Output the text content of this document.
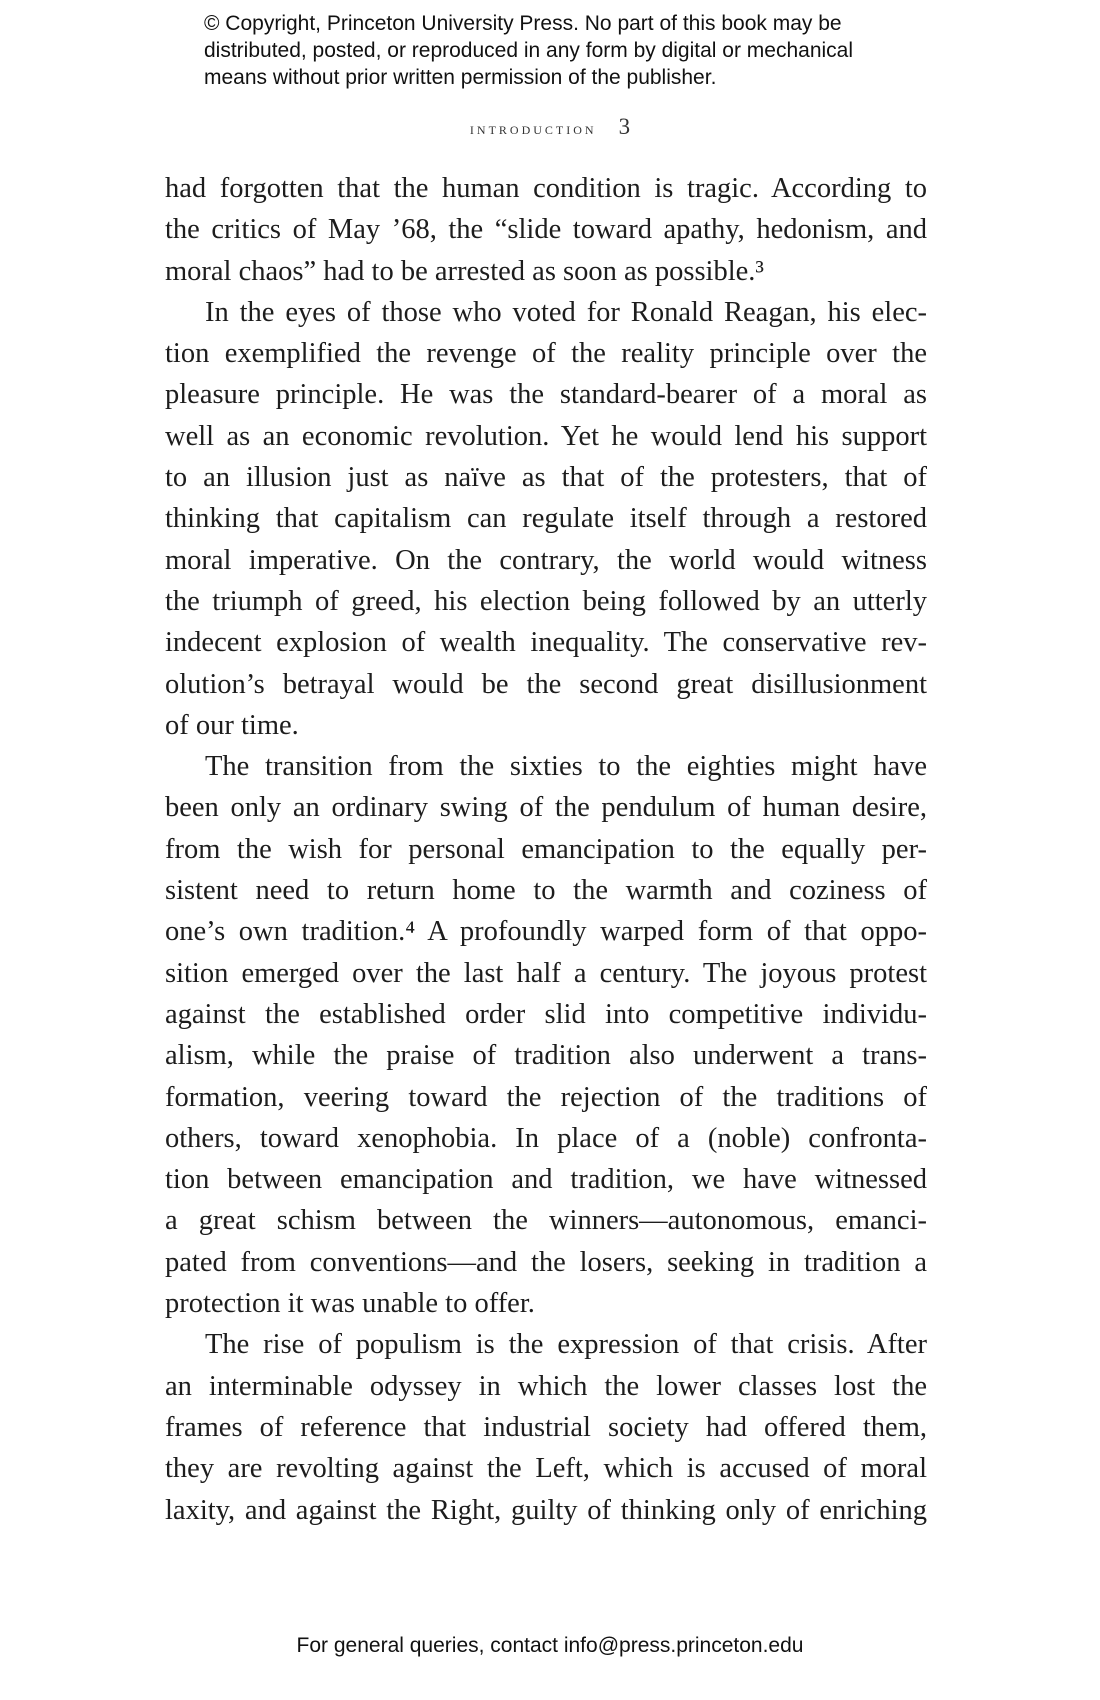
© Copyright, Princeton University Press. No part of this book may be
distributed, posted, or reproduced in any form by digital or mechanical
means without prior written permission of the publisher.
introduction 3
had forgotten that the human condition is tragic. According to
the critics of May ’68, the “slide toward apathy, hedonism, and
moral chaos” had to be arrested as soon as possible.³
In the eyes of those who voted for Ronald Reagan, his elec-
tion exemplified the revenge of the reality principle over the
pleasure principle. He was the standard-bearer of a moral as
well as an economic revolution. Yet he would lend his support
to an illusion just as naïve as that of the protesters, that of
thinking that capitalism can regulate itself through a restored
moral imperative. On the contrary, the world would witness
the triumph of greed, his election being followed by an utterly
indecent explosion of wealth inequality. The conservative rev-
olution’s betrayal would be the second great disillusionment
of our time.
The transition from the sixties to the eighties might have
been only an ordinary swing of the pendulum of human desire,
from the wish for personal emancipation to the equally per-
sistent need to return home to the warmth and coziness of
one’s own tradition.⁴ A profoundly warped form of that oppo-
sition emerged over the last half a century. The joyous protest
against the established order slid into competitive individu-
alism, while the praise of tradition also underwent a trans-
formation, veering toward the rejection of the traditions of
others, toward xenophobia. In place of a (noble) confronta-
tion between emancipation and tradition, we have witnessed
a great schism between the winners—autonomous, emanci-
pated from conventions—and the losers, seeking in tradition a
protection it was unable to offer.
The rise of populism is the expression of that crisis. After
an interminable odyssey in which the lower classes lost the
frames of reference that industrial society had offered them,
they are revolting against the Left, which is accused of moral
laxity, and against the Right, guilty of thinking only of enriching
For general queries, contact info@press.princeton.edu
